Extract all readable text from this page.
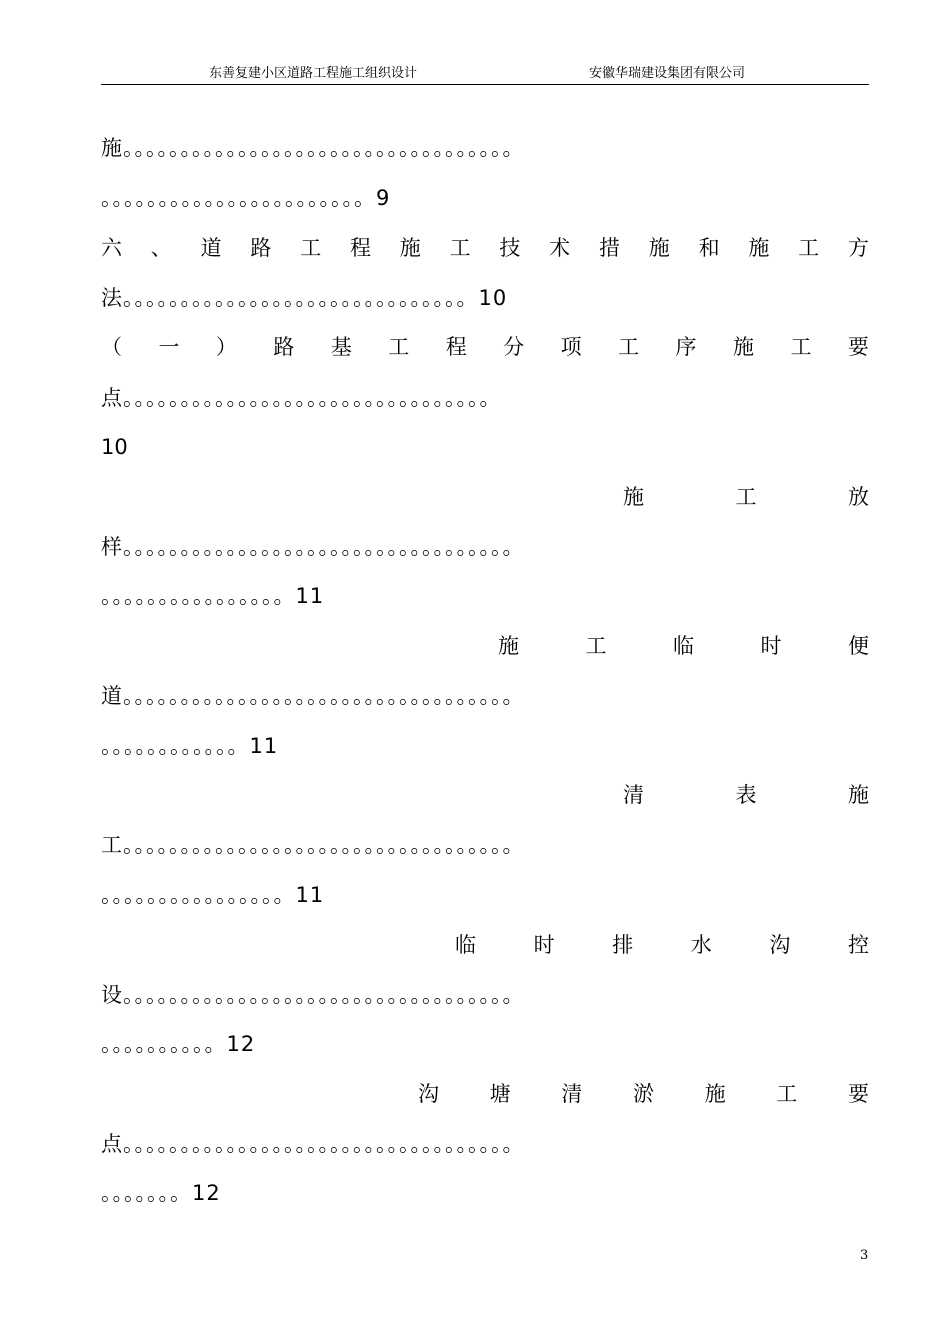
东善复建小区道路工程施工组织设计	安徽华瑞建设集团有限公司
施。。。。。。。。。。。。。。。。。。。。。。。。。。。。。。。。。。
。。。。。。。。。。。。。。。。。。。。。。。9
六 、 道 路 工 程 施 工 技 术 措 施 和 施 工 方
法。。。。。。。。。。。。。。。。。。。。。。。。。。。。。。10
（ 一 ） 路 基 工 程 分 项 工 序 施 工 要
点。。。。。。。。。。。。。。。。。。。。。。。。。。。。。。。。
10
施	工	放
样。。。。。。。。。。。。。。。。。。。。。。。。。。。。。。。。。。
。。。。。。。。。。。。。。。。11
施	工	临	时	便
道。。。。。。。。。。。。。。。。。。。。。。。。。。。。。。。。。。
。。。。。。。。。。。。11
清	表	施
工。。。。。。。。。。。。。。。。。。。。。。。。。。。。。。。。。。
。。。。。。。。。。。。。。。。11
临	时	排	水	沟	控
设。。。。。。。。。。。。。。。。。。。。。。。。。。。。。。。。。。
。。。。。。。。。。12
沟 塘 清 淤 施 工 要
点。。。。。。。。。。。。。。。。。。。。。。。。。。。。。。。。。。
。。。。。。。12
3
